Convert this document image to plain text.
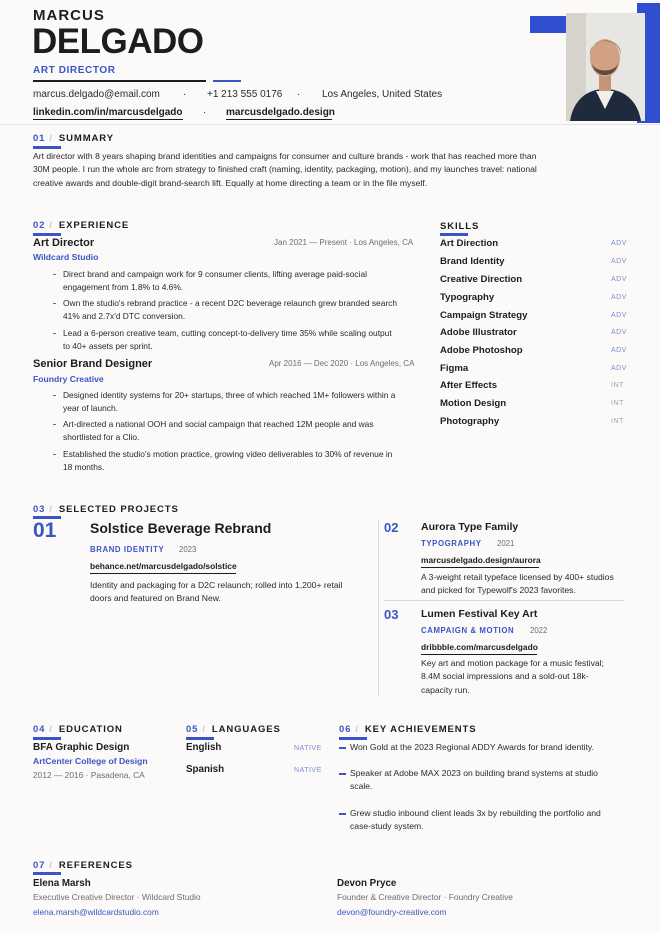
MARCUS
DELGADO
ART DIRECTOR
marcus.delgado@email.com · +1 213 555 0176 · Los Angeles, United States
linkedin.com/in/marcusdelgado · marcusdelgado.design
01 / SUMMARY
Art director with 8 years shaping brand identities and campaigns for consumer and culture brands - work that has reached more than
30M people. I run the whole arc from strategy to finished craft (naming, identity, packaging, motion), and my launches travel: national
creative awards and double-digit brand-search lift. Equally at home directing a team or in the file myself.
02 / EXPERIENCE
Art Director	Jan 2021 — Present · Los Angeles, CA
Wildcard Studio
Direct brand and campaign work for 9 consumer clients, lifting average paid-social
engagement from 1.8% to 4.6%.
Own the studio's rebrand practice - a recent D2C beverage relaunch grew branded search
41% and 2.7x'd DTC conversion.
Lead a 6-person creative team, cutting concept-to-delivery time 35% while scaling output
to 40+ assets per sprint.
Senior Brand Designer	Apr 2016 — Dec 2020 · Los Angeles, CA
Foundry Creative
Designed identity systems for 20+ startups, three of which reached 1M+ followers within a
year of launch.
Art-directed a national OOH and social campaign that reached 12M people and was
shortlisted for a Clio.
Established the studio's motion practice, growing video deliverables to 30% of revenue in
18 months.
SKILLS
Art Direction	ADV
Brand Identity	ADV
Creative Direction	ADV
Typography	ADV
Campaign Strategy	ADV
Adobe Illustrator	ADV
Adobe Photoshop	ADV
Figma	ADV
After Effects	INT
Motion Design	INT
Photography	INT
03 / SELECTED PROJECTS
01 Solstice Beverage Rebrand
BRAND IDENTITY 2023
behance.net/marcusdelgado/solstice
Identity and packaging for a D2C relaunch; rolled into 1,200+ retail
doors and featured on Brand New.
02 Aurora Type Family
TYPOGRAPHY 2021
marcusdelgado.design/aurora
A 3-weight retail typeface licensed by 400+ studios
and picked for Typewolf's 2023 favorites.
03 Lumen Festival Key Art
CAMPAIGN & MOTION 2022
dribbble.com/marcusdelgado
Key art and motion package for a music festival;
8.4M social impressions and a sold-out 18k-
capacity run.
04 / EDUCATION
BFA Graphic Design
ArtCenter College of Design
2012 — 2016 · Pasadena, CA
05 / LANGUAGES
English	NATIVE
Spanish	NATIVE
06 / KEY ACHIEVEMENTS
Won Gold at the 2023 Regional ADDY Awards for brand identity.
Speaker at Adobe MAX 2023 on building brand systems at studio
scale.
Grew studio inbound client leads 3x by rebuilding the portfolio and
case-study system.
07 / REFERENCES
Elena Marsh
Executive Creative Director · Wildcard Studio
elena.marsh@wildcardstudio.com
Devon Pryce
Founder & Creative Director · Foundry Creative
devon@foundry-creative.com
